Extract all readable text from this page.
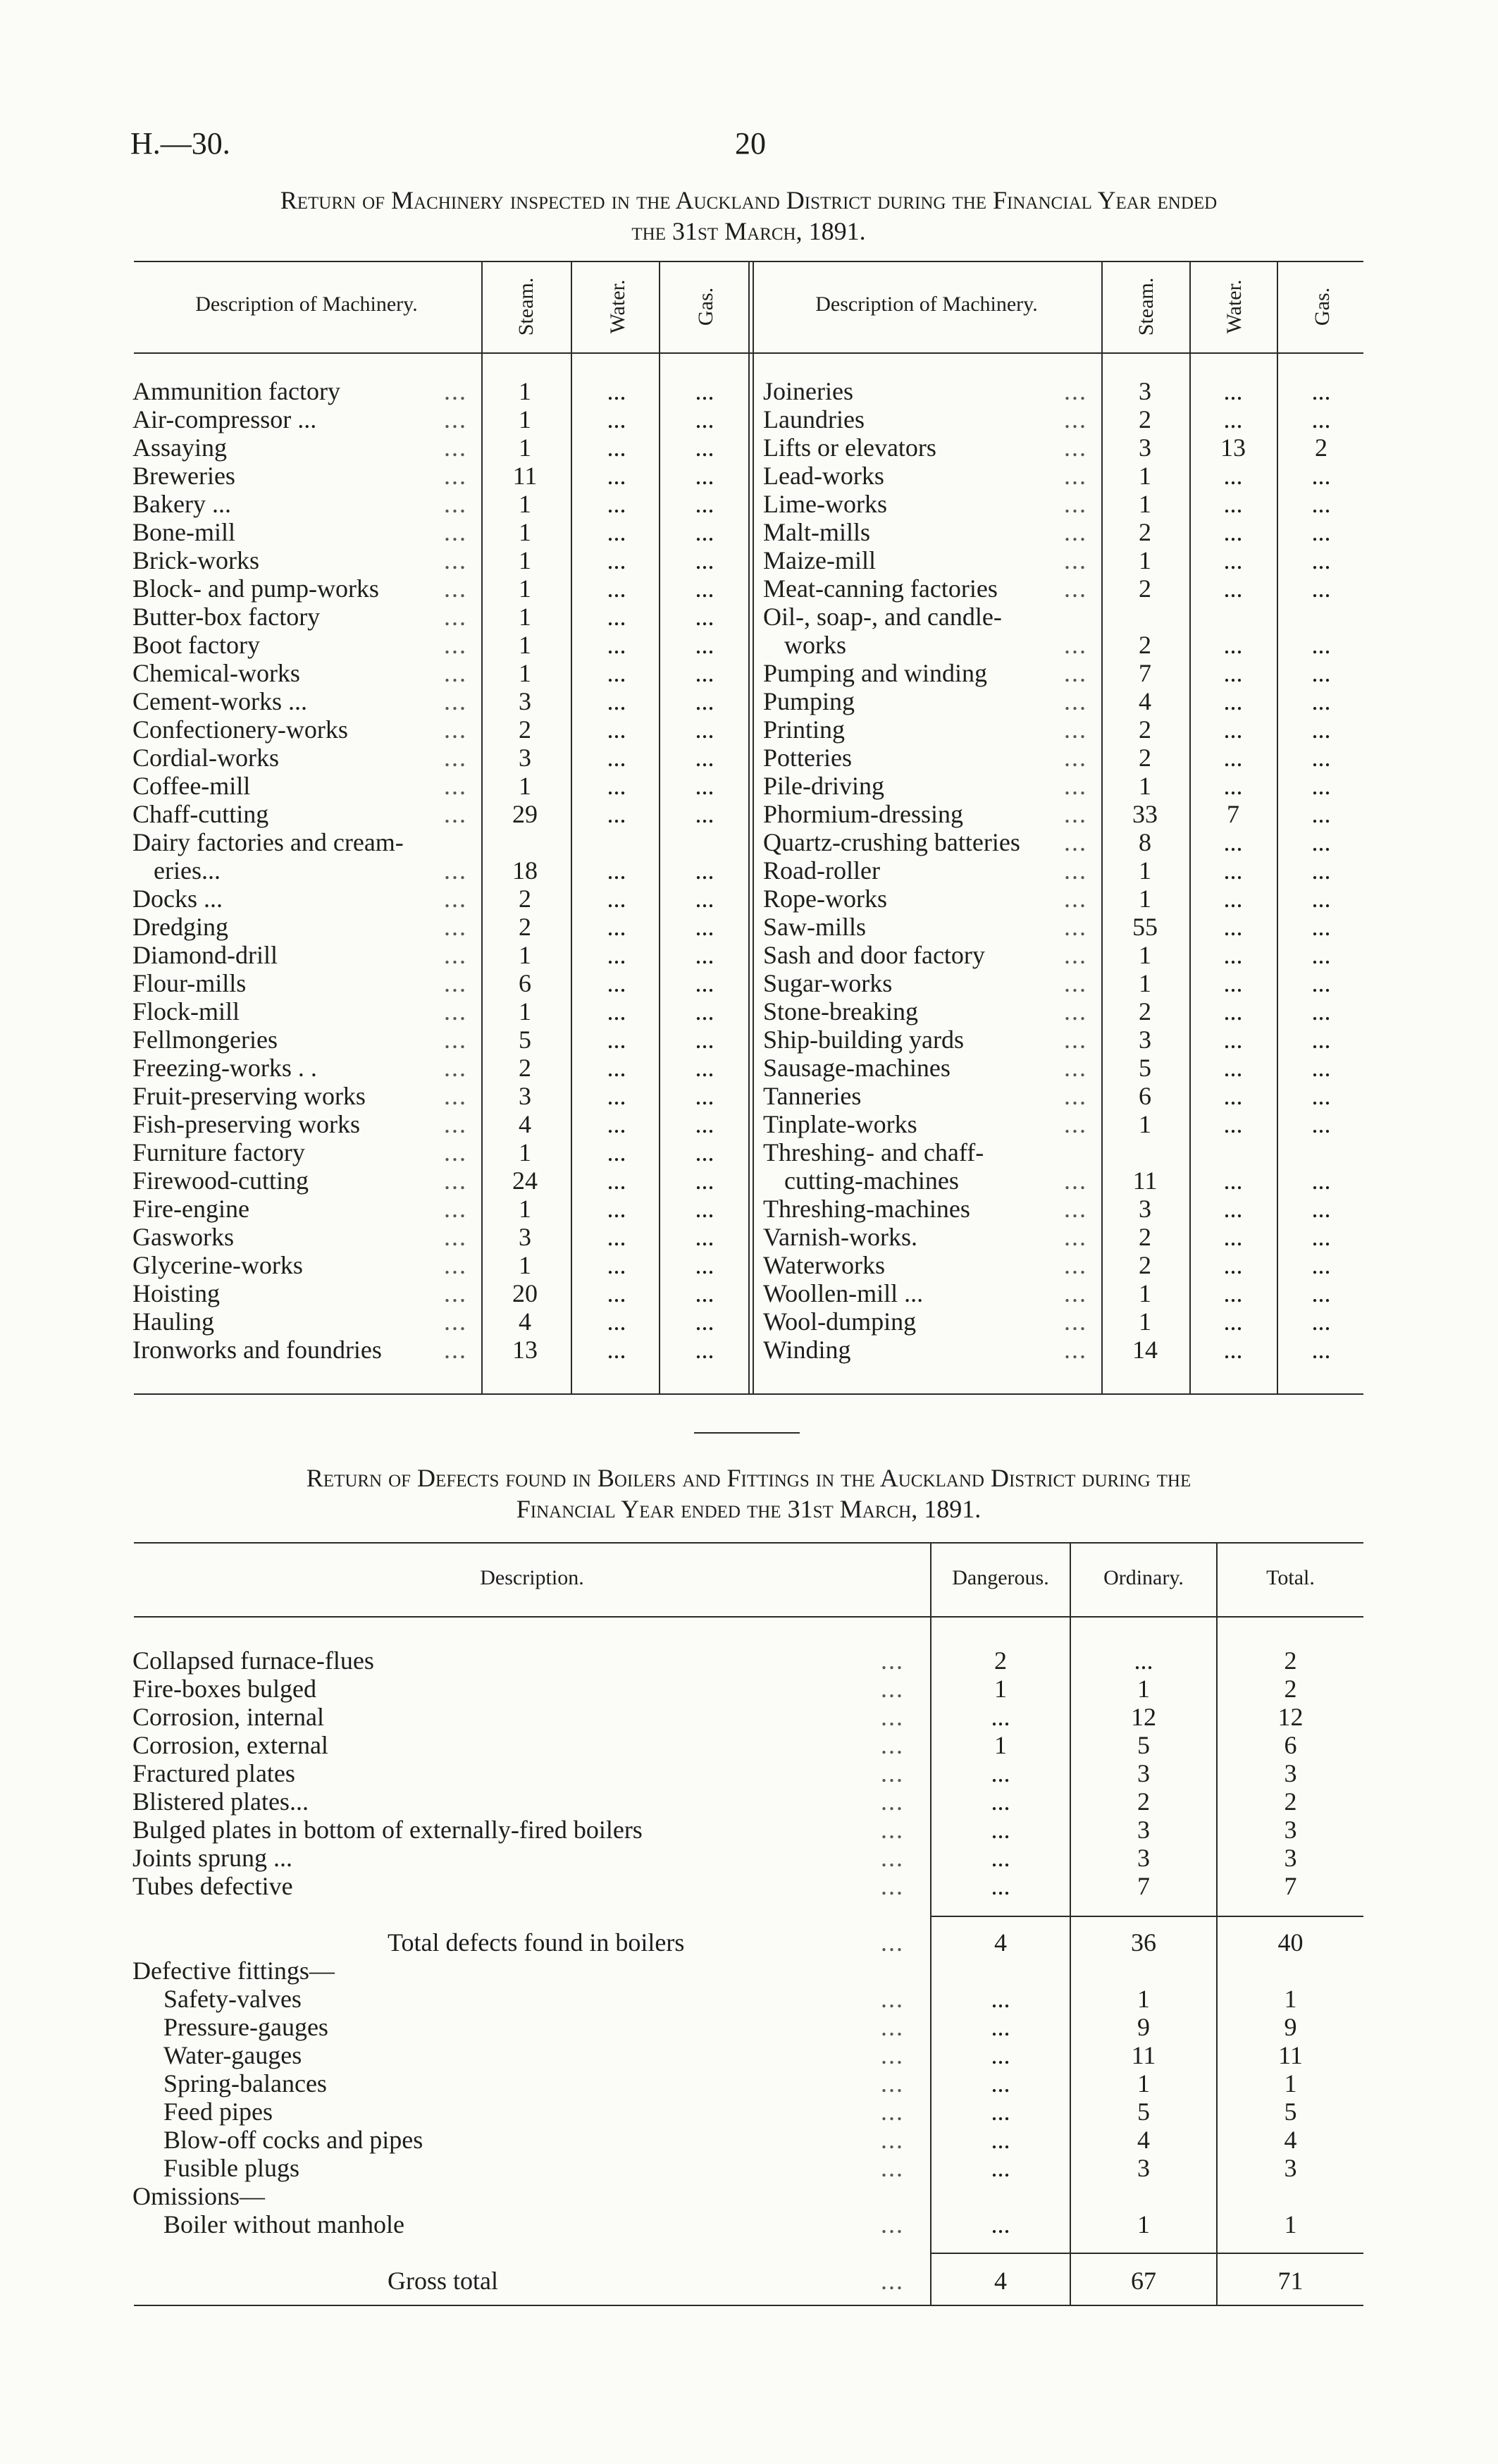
H.—30.	20
Return of Machinery inspected in the Auckland District during the Financial Year ended
the 31st March, 1891.
Description of Machinery.	Steam.	Water.	Gas.	Description of Machinery.	Steam.	Water.	Gas.
Ammunition factory	...	1	...	...
Air-compressor ...	...	1	...	...
Assaying	...	1	...	...
Breweries	...	11	...	...
Bakery ...	...	1	...	...
Bone-mill	...	1	...	...
Brick-works	...	1	...	...
Block- and pump-works	...	1	...	...
Butter-box factory	...	1	...	...
Boot factory	...	1	...	...
Chemical-works	...	1	...	...
Cement-works ...	...	3	...	...
Confectionery-works	...	2	...	...
Cordial-works	...	3	...	...
Coffee-mill	...	1	...	...
Chaff-cutting	...	29	...	...
Dairy factories and cream-
eries...	...	18	...	...
Docks ...	...	2	...	...
Dredging	...	2	...	...
Diamond-drill	...	1	...	...
Flour-mills	...	6	...	...
Flock-mill	...	1	...	...
Fellmongeries	...	5	...	...
Freezing-works . .	...	2	...	...
Fruit-preserving works	...	3	...	...
Fish-preserving works	...	4	...	...
Furniture factory	...	1	...	...
Firewood-cutting	...	24	...	...
Fire-engine	...	1	...	...
Gasworks	...	3	...	...
Glycerine-works	...	1	...	...
Hoisting	...	20	...	...
Hauling	...	4	...	...
Ironworks and foundries ...	13	...	...
Joineries	...	3	...	...
Laundries	...	2	...	...
Lifts or elevators	...	3	13	2
Lead-works	...	1	...	...
Lime-works	...	1	...	...
Malt-mills	...	2	...	...
Maize-mill	...	1	...	...
Meat-canning factories	...	2	...	...
Oil-, soap-, and candle-
works	...	2	...	...
Pumping and winding	...	7	...	...
Pumping	...	4	...	...
Printing	...	2	...	...
Potteries	...	2	...	...
Pile-driving	...	1	...	...
Phormium-dressing	...	33	7	...
Quartz-crushing batteries ...	8	...	...
Road-roller	...	1	...	...
Rope-works	...	1	...	...
Saw-mills	...	55	...	...
Sash and door factory	...	1	...	...
Sugar-works	...	1	...	...
Stone-breaking	...	2	...	...
Ship-building yards	...	3	...	...
Sausage-machines	...	5	...	...
Tanneries	...	6	...	...
Tinplate-works	...	1	...	...
Threshing- and chaff-
cutting-machines	...	11	...	...
Threshing-machines	...	3	...	...
Varnish-works.	...	2	...	...
Waterworks	...	2	...	...
Woollen-mill ...	...	1	...	...
Wool-dumping	...	1	...	...
Winding	...	14	...	...
Return of Defects found in Boilers and Fittings in the Auckland District during the
Financial Year ended the 31st March, 1891.
Description.	Dangerous.	Ordinary.	Total.
Collapsed furnace-flues	...	2	...	2
Fire-boxes bulged	...	1	1	2
Corrosion, internal	...	...	12	12
Corrosion, external	...	1	5	6
Fractured plates	...	...	3	3
Blistered plates...	...	...	2	2
Bulged plates in bottom of externally-fired boilers	...	...	3	3
Joints sprung ...	...	...	3	3
Tubes defective	...	...	7	7
Total defects found in boilers	...	4	36	40
Defective fittings—
Safety-valves	...	...	1	1
Pressure-gauges	...	...	9	9
Water-gauges	...	...	11	11
Spring-balances	...	...	1	1
Feed pipes	...	...	5	5
Blow-off cocks and pipes	...	...	4	4
Fusible plugs	...	...	3	3
Omissions—
Boiler without manhole	...	...	1	1
Gross total	...	4	67	71
